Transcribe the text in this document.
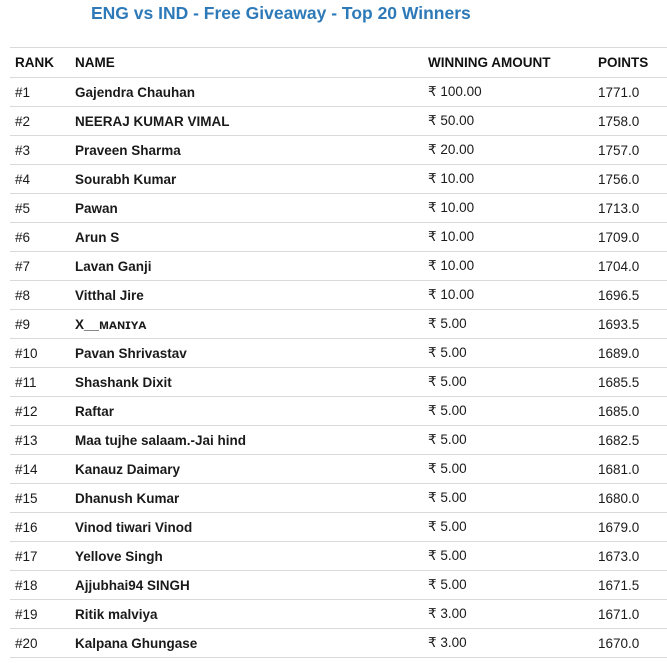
ENG vs IND - Free Giveaway - Top 20 Winners
RANK	NAME	WINNING AMOUNT	POINTS
#1	Gajendra Chauhan	₹ 100.00	1771.0
#2	NEERAJ KUMAR VIMAL	₹ 50.00	1758.0
#3	Praveen Sharma	₹ 20.00	1757.0
#4	Sourabh Kumar	₹ 10.00	1756.0
#5	Pawan	₹ 10.00	1713.0
#6	Arun S	₹ 10.00	1709.0
#7	Lavan Ganji	₹ 10.00	1704.0
#8	Vitthal Jire	₹ 10.00	1696.5
#9	X__ᴍᴀɴɪʏᴀ	₹ 5.00	1693.5
#10	Pavan Shrivastav	₹ 5.00	1689.0
#11	Shashank Dixit	₹ 5.00	1685.5
#12	Raftar	₹ 5.00	1685.0
#13	Maa tujhe salaam.-Jai hind	₹ 5.00	1682.5
#14	Kanauz Daimary	₹ 5.00	1681.0
#15	Dhanush Kumar	₹ 5.00	1680.0
#16	Vinod tiwari Vinod	₹ 5.00	1679.0
#17	Yellove Singh	₹ 5.00	1673.0
#18	Ajjubhai94 SINGH	₹ 5.00	1671.5
#19	Ritik malviya	₹ 3.00	1671.0
#20	Kalpana Ghungase	₹ 3.00	1670.0
